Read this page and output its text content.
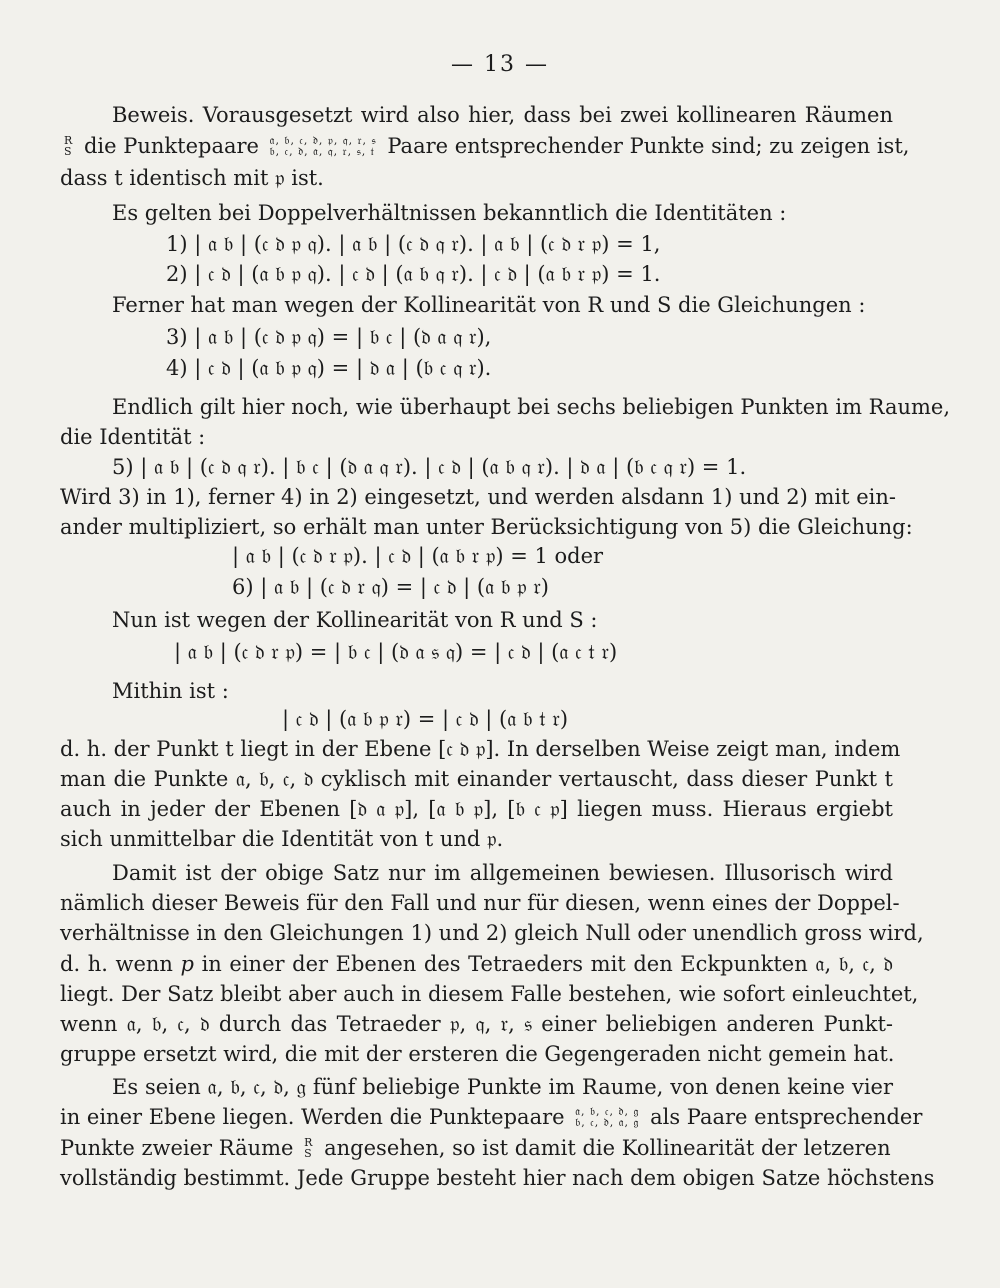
— 13 —
Beweis. Vorausgesetzt wird also hier, dass bei zwei kollinearen Räumen
R
S die Punktepaare 𝔞, 𝔟, 𝔠, 𝔡, 𝔭, 𝔮, 𝔯, 𝔰
𝔟, 𝔠, 𝔡, 𝔞, 𝔮, 𝔯, 𝔰, 𝔱 Paare entsprechender Punkte sind; zu zeigen ist,
dass t identisch mit 𝔭 ist.
Es gelten bei Doppelverhältnissen bekanntlich die Identitäten :
1) | 𝔞 𝔟 | (𝔠 𝔡 𝔭 𝔮). | 𝔞 𝔟 | (𝔠 𝔡 𝔮 𝔯). | 𝔞 𝔟 | (𝔠 𝔡 𝔯 𝔭) = 1,
2) | 𝔠 𝔡 | (𝔞 𝔟 𝔭 𝔮). | 𝔠 𝔡 | (𝔞 𝔟 𝔮 𝔯). | 𝔠 𝔡 | (𝔞 𝔟 𝔯 𝔭) = 1.
Ferner hat man wegen der Kollinearität von R und S die Gleichungen :
3) | 𝔞 𝔟 | (𝔠 𝔡 𝔭 𝔮) = | 𝔟 𝔠 | (𝔡 𝔞 𝔮 𝔯),
4) | 𝔠 𝔡 | (𝔞 𝔟 𝔭 𝔮) = | 𝔡 𝔞 | (𝔟 𝔠 𝔮 𝔯).
Endlich gilt hier noch, wie überhaupt bei sechs beliebigen Punkten im Raume,
die Identität :
5) | 𝔞 𝔟 | (𝔠 𝔡 𝔮 𝔯). | 𝔟 𝔠 | (𝔡 𝔞 𝔮 𝔯). | 𝔠 𝔡 | (𝔞 𝔟 𝔮 𝔯). | 𝔡 𝔞 | (𝔟 𝔠 𝔮 𝔯) = 1.
Wird 3) in 1), ferner 4) in 2) eingesetzt, und werden alsdann 1) und 2) mit ein-
ander multipliziert, so erhält man unter Berücksichtigung von 5) die Gleichung:
| 𝔞 𝔟 | (𝔠 𝔡 𝔯 𝔭). | 𝔠 𝔡 | (𝔞 𝔟 𝔯 𝔭) = 1 oder
6) | 𝔞 𝔟 | (𝔠 𝔡 𝔯 𝔮) = | 𝔠 𝔡 | (𝔞 𝔟 𝔭 𝔯)
Nun ist wegen der Kollinearität von R und S :
| 𝔞 𝔟 | (𝔠 𝔡 𝔯 𝔭) = | 𝔟 𝔠 | (𝔡 𝔞 𝔰 𝔮) = | 𝔠 𝔡 | (𝔞 𝔠 𝔱 𝔯)
Mithin ist :
| 𝔠 𝔡 | (𝔞 𝔟 𝔭 𝔯) = | 𝔠 𝔡 | (𝔞 𝔟 𝔱 𝔯)
d. h. der Punkt t liegt in der Ebene [𝔠 𝔡 𝔭]. In derselben Weise zeigt man, indem
man die Punkte 𝔞, 𝔟, 𝔠, 𝔡 cyklisch mit einander vertauscht, dass dieser Punkt t
auch in jeder der Ebenen [𝔡 𝔞 𝔭], [𝔞 𝔟 𝔭], [𝔟 𝔠 𝔭] liegen muss. Hieraus ergiebt
sich unmittelbar die Identität von t und 𝔭.
Damit ist der obige Satz nur im allgemeinen bewiesen. Illusorisch wird
nämlich dieser Beweis für den Fall und nur für diesen, wenn eines der Doppel-
verhältnisse in den Gleichungen 1) und 2) gleich Null oder unendlich gross wird,
d. h. wenn 𝑝 in einer der Ebenen des Tetraeders mit den Eckpunkten 𝔞, 𝔟, 𝔠, 𝔡
liegt. Der Satz bleibt aber auch in diesem Falle bestehen, wie sofort einleuchtet,
wenn 𝔞, 𝔟, 𝔠, 𝔡 durch das Tetraeder 𝔭, 𝔮, 𝔯, 𝔰 einer beliebigen anderen Punkt-
gruppe ersetzt wird, die mit der ersteren die Gegengeraden nicht gemein hat.
Es seien 𝔞, 𝔟, 𝔠, 𝔡, 𝔤 fünf beliebige Punkte im Raume, von denen keine vier
in einer Ebene liegen. Werden die Punktepaare 𝔞, 𝔟, 𝔠, 𝔡, 𝔤
𝔟, 𝔠, 𝔡, 𝔞, 𝔤 als Paare entsprechender
Punkte zweier Räume R
S angesehen, so ist damit die Kollinearität der letzeren
vollständig bestimmt. Jede Gruppe besteht hier nach dem obigen Satze höchstens
